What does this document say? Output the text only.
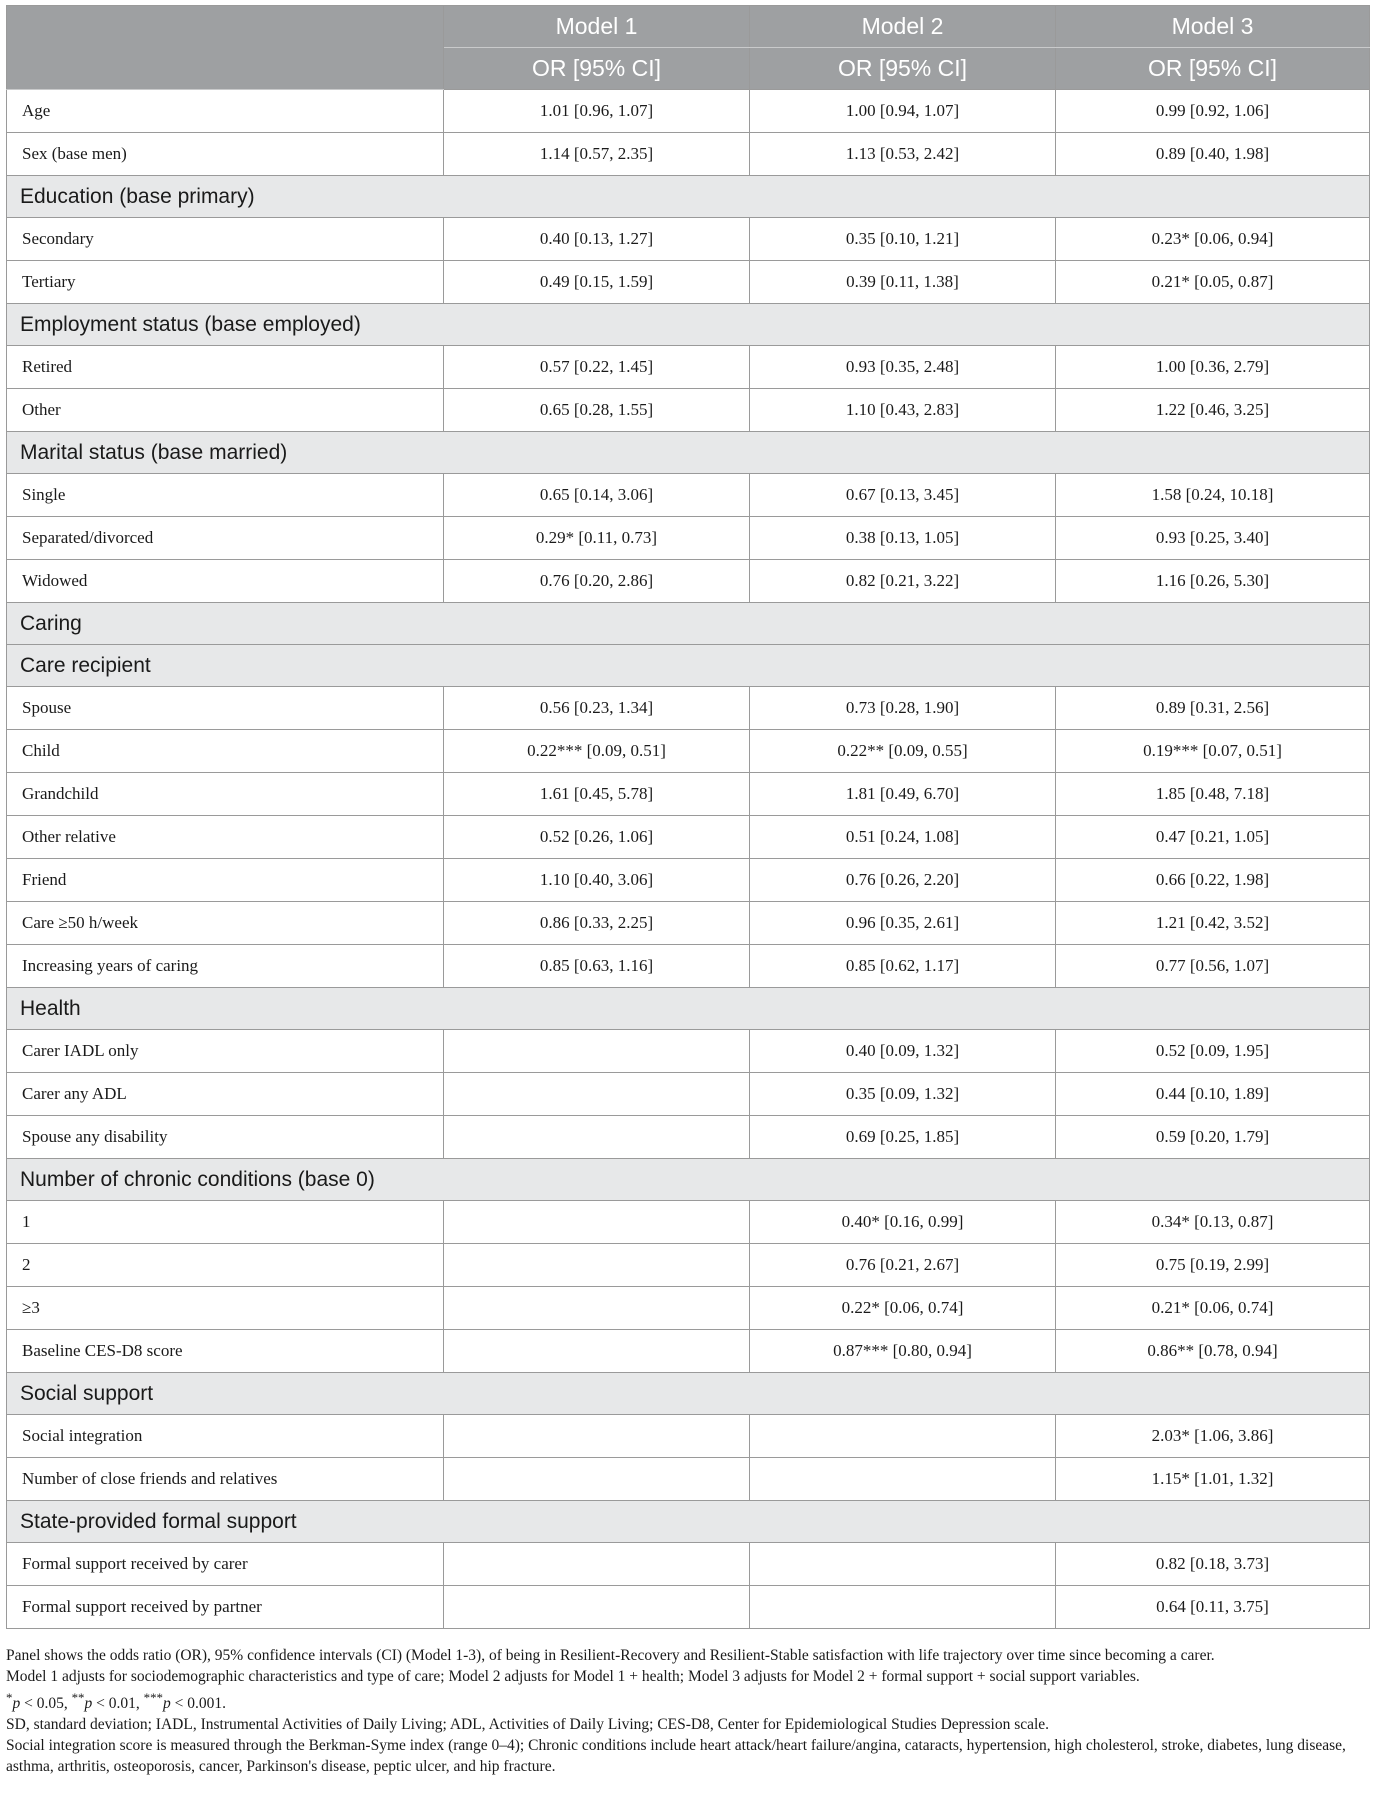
	Model 1	Model 2	Model 3
	OR [95% CI]	OR [95% CI]	OR [95% CI]
Age	1.01 [0.96, 1.07]	1.00 [0.94, 1.07]	0.99 [0.92, 1.06]
Sex (base men)	1.14 [0.57, 2.35]	1.13 [0.53, 2.42]	0.89 [0.40, 1.98]
Education (base primary)			
Secondary	0.40 [0.13, 1.27]	0.35 [0.10, 1.21]	0.23* [0.06, 0.94]
Tertiary	0.49 [0.15, 1.59]	0.39 [0.11, 1.38]	0.21* [0.05, 0.87]
Employment status (base employed)			
Retired	0.57 [0.22, 1.45]	0.93 [0.35, 2.48]	1.00 [0.36, 2.79]
Other	0.65 [0.28, 1.55]	1.10 [0.43, 2.83]	1.22 [0.46, 3.25]
Marital status (base married)			
Single	0.65 [0.14, 3.06]	0.67 [0.13, 3.45]	1.58 [0.24, 10.18]
Separated/divorced	0.29* [0.11, 0.73]	0.38 [0.13, 1.05]	0.93 [0.25, 3.40]
Widowed	0.76 [0.20, 2.86]	0.82 [0.21, 3.22]	1.16 [0.26, 5.30]
Caring			
Care recipient			
Spouse	0.56 [0.23, 1.34]	0.73 [0.28, 1.90]	0.89 [0.31, 2.56]
Child	0.22*** [0.09, 0.51]	0.22** [0.09, 0.55]	0.19*** [0.07, 0.51]
Grandchild	1.61 [0.45, 5.78]	1.81 [0.49, 6.70]	1.85 [0.48, 7.18]
Other relative	0.52 [0.26, 1.06]	0.51 [0.24, 1.08]	0.47 [0.21, 1.05]
Friend	1.10 [0.40, 3.06]	0.76 [0.26, 2.20]	0.66 [0.22, 1.98]
Care ≥50 h/week	0.86 [0.33, 2.25]	0.96 [0.35, 2.61]	1.21 [0.42, 3.52]
Increasing years of caring	0.85 [0.63, 1.16]	0.85 [0.62, 1.17]	0.77 [0.56, 1.07]
Health			
Carer IADL only		0.40 [0.09, 1.32]	0.52 [0.09, 1.95]
Carer any ADL		0.35 [0.09, 1.32]	0.44 [0.10, 1.89]
Spouse any disability		0.69 [0.25, 1.85]	0.59 [0.20, 1.79]
Number of chronic conditions (base 0)			
1		0.40* [0.16, 0.99]	0.34* [0.13, 0.87]
2		0.76 [0.21, 2.67]	0.75 [0.19, 2.99]
≥3		0.22* [0.06, 0.74]	0.21* [0.06, 0.74]
Baseline CES-D8 score		0.87*** [0.80, 0.94]	0.86** [0.78, 0.94]
Social support			
Social integration			2.03* [1.06, 3.86]
Number of close friends and relatives			1.15* [1.01, 1.32]
State-provided formal support			
Formal support received by carer			0.82 [0.18, 3.73]
Formal support received by partner			0.64 [0.11, 3.75]

Panel shows the odds ratio (OR), 95% confidence intervals (CI) (Model 1-3), of being in Resilient-Recovery and Resilient-Stable satisfaction with life trajectory over time since becoming a carer.

Model 1 adjusts for sociodemographic characteristics and type of care; Model 2 adjusts for Model 1 + health; Model 3 adjusts for Model 2 + formal support + social support variables.

*p < 0.05, **p < 0.01, ***p < 0.001.

SD, standard deviation; IADL, Instrumental Activities of Daily Living; ADL, Activities of Daily Living; CES-D8, Center for Epidemiological Studies Depression scale.

Social integration score is measured through the Berkman-Syme index (range 0–4); Chronic conditions include heart attack/heart failure/angina, cataracts, hypertension, high cholesterol, stroke, diabetes, lung disease, asthma, arthritis, osteoporosis, cancer, Parkinson's disease, peptic ulcer, and hip fracture.
